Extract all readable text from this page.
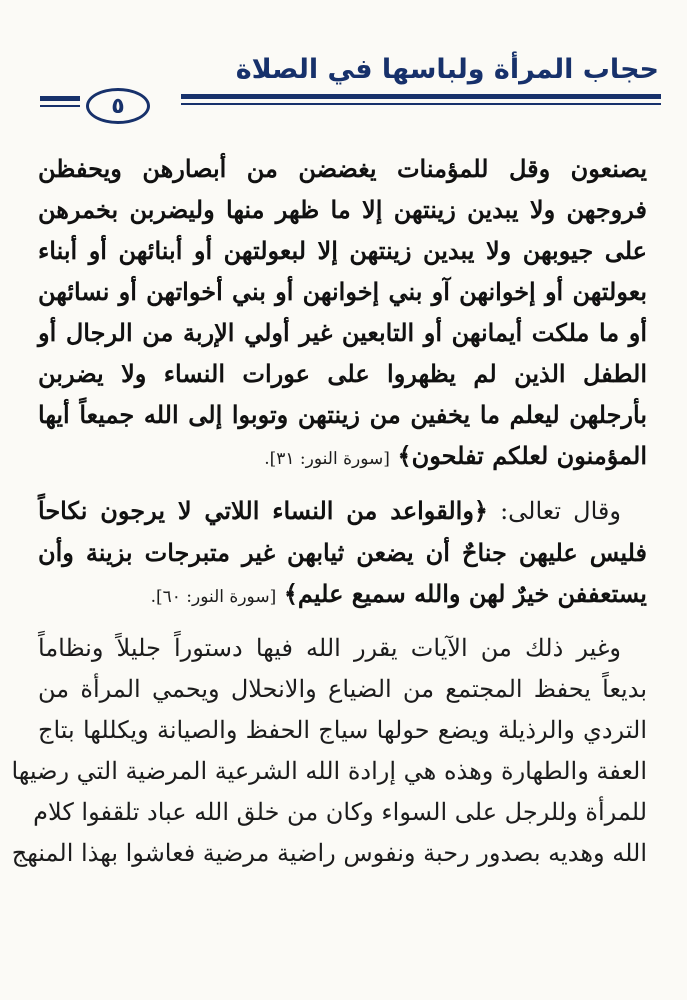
حجاب المرأة ولباسها في الصلاة
٥

يصنعون وقل للمؤمنات يغضضن من أبصارهن ويحفظن
فروجهن ولا يبدين زينتهن إلا ما ظهر منها وليضربن بخمرهن
على جيوبهن ولا يبدين زينتهن إلا لبعولتهن أو أبنائهن أو أبناء
بعولتهن أو إخوانهن آو بني إخوانهن أو بني أخواتهن أو نسائهن
أو ما ملكت أيمانهن أو التابعين غير أولي الإربة من الرجال أو
الطفل الذين لم يظهروا على عورات النساء ولا يضربن
بأرجلهن ليعلم ما يخفين من زينتهن وتوبوا إلى الله جميعاً أيها
المؤمنون لعلكم تفلحون﴾ [سورة النور: ٣١].

وقال تعالى: ﴿والقواعد من النساء اللاتي لا يرجون نكاحاً
فليس عليهن جناحٌ أن يضعن ثيابهن غير متبرجات بزينة وأن
يستعففن خيرٌ لهن والله سميع عليم﴾ [سورة النور: ٦٠].

وغير ذلك من الآيات يقرر الله فيها دستوراً جليلاً ونظاماً
بديعاً يحفظ المجتمع من الضياع والانحلال ويحمي المرأة من
التردي والرذيلة ويضع حولها سياج الحفظ والصيانة ويكللها بتاج
العفة والطهارة وهذه هي إرادة الله الشرعية المرضية التي رضيها
للمرأة وللرجل على السواء وكان من خلق الله عباد تلقفوا كلام
الله وهديه بصدور رحبة ونفوس راضية مرضية فعاشوا بهذا المنهج
